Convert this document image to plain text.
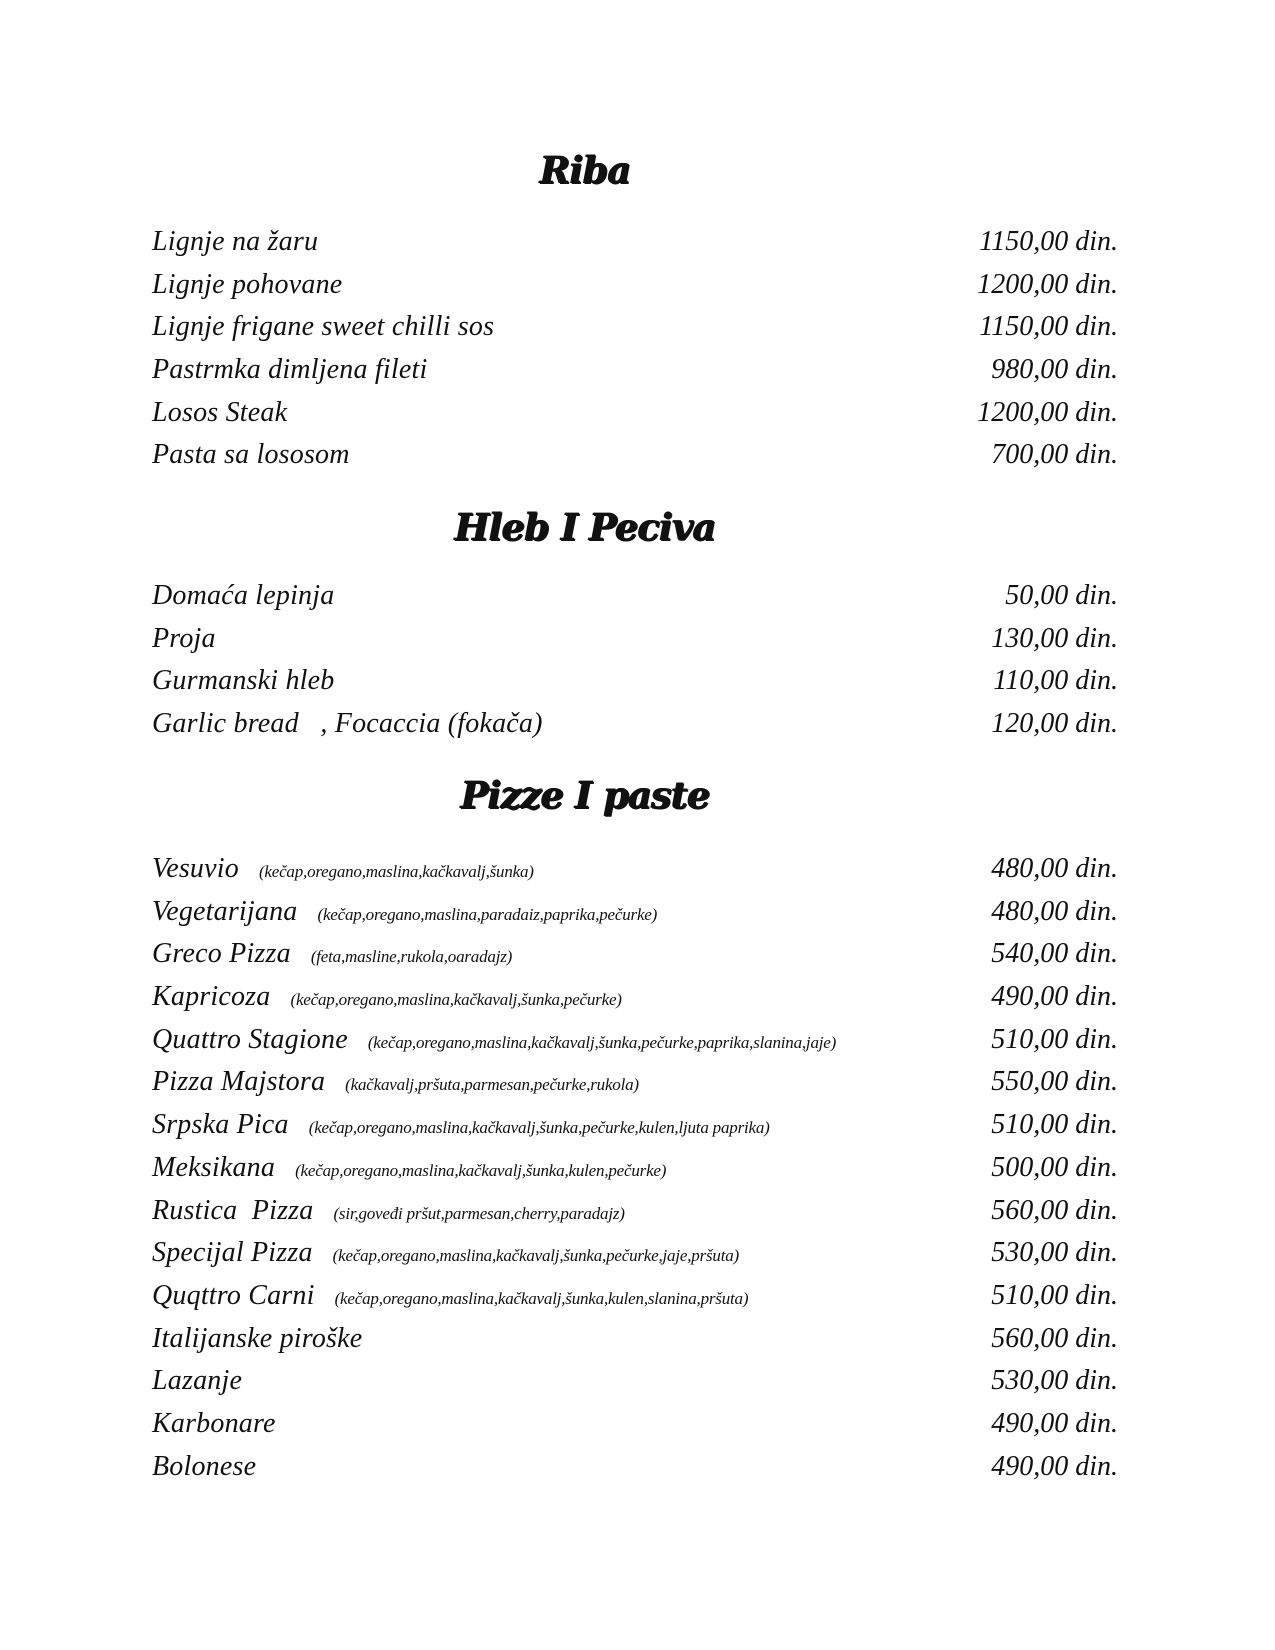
Riba
Lignje na žaru	1150,00 din.
Lignje pohovane	1200,00 din.
Lignje frigane sweet chilli sos	1150,00 din.
Pastrmka dimljena fileti	980,00 din.
Losos Steak	1200,00 din.
Pasta sa lososom	700,00 din.
Hleb I Peciva
Domaća lepinja	50,00 din.
Proja	130,00 din.
Gurmanski hleb	110,00 din.
Garlic bread   , Focaccia (fokača)	120,00 din.
Pizze I paste
Vesuvio (kečap,oregano,maslina,kačkavalj,šunka)	480,00 din.
Vegetarijana (kečap,oregano,maslina,paradaiz,paprika,pečurke)	480,00 din.
Greco Pizza (feta,masline,rukola,oaradajz)	540,00 din.
Kapricoza (kečap,oregano,maslina,kačkavalj,šunka,pečurke)	490,00 din.
Quattro Stagione (kečap,oregano,maslina,kačkavalj,šunka,pečurke,paprika,slanina,jaje)	510,00 din.
Pizza Majstora (kačkavalj,pršuta,parmesan,pečurke,rukola)	550,00 din.
Srpska Pica (kečap,oregano,maslina,kačkavalj,šunka,pečurke,kulen,ljuta paprika)	510,00 din.
Meksikana (kečap,oregano,maslina,kačkavalj,šunka,kulen,pečurke)	500,00 din.
Rustica  Pizza (sir,goveđi pršut,parmesan,cherry,paradajz)	560,00 din.
Specijal Pizza (kečap,oregano,maslina,kačkavalj,šunka,pečurke,jaje,pršuta)	530,00 din.
Quqttro Carni (kečap,oregano,maslina,kačkavalj,šunka,kulen,slanina,pršuta)	510,00 din.
Italijanske piroške	560,00 din.
Lazanje	530,00 din.
Karbonare	490,00 din.
Bolonese	490,00 din.
